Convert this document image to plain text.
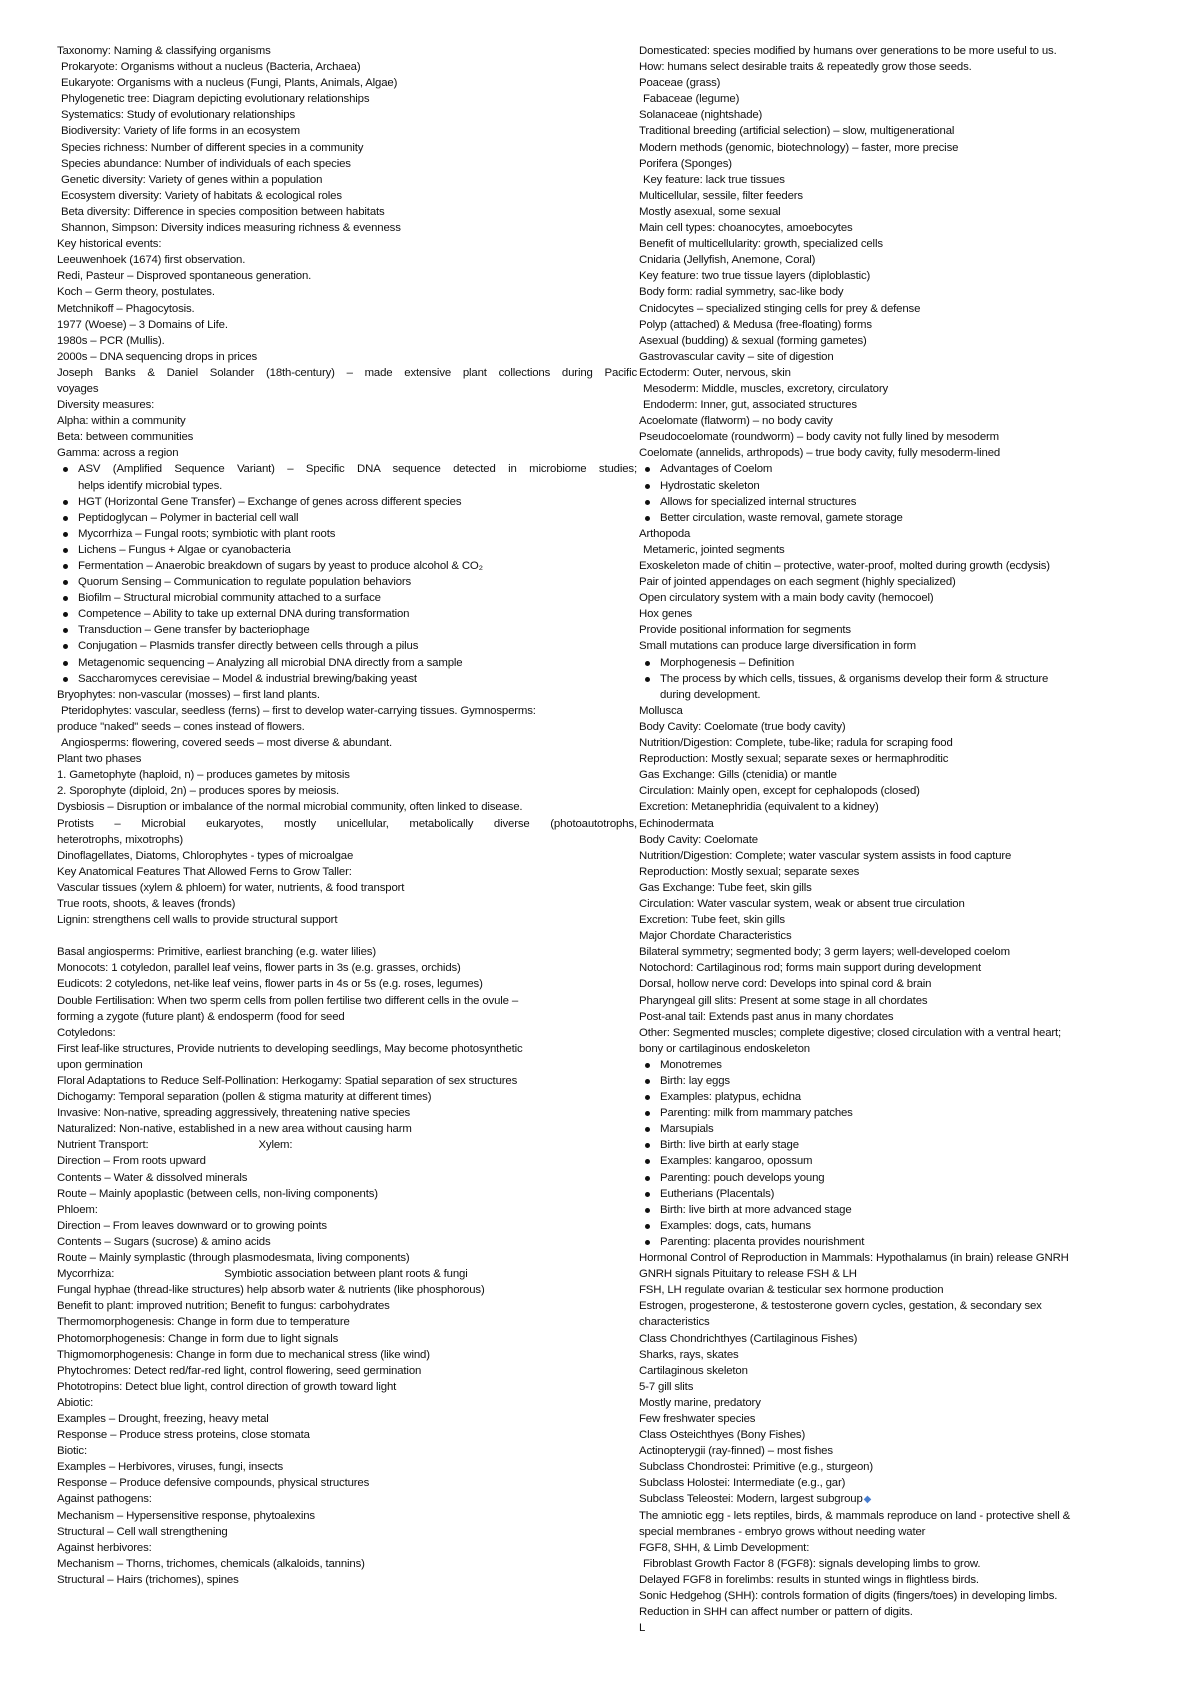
Taxonomy: Naming & classifying organisms
Prokaryote: Organisms without a nucleus (Bacteria, Archaea)
Eukaryote: Organisms with a nucleus (Fungi, Plants, Animals, Algae)
Phylogenetic tree: Diagram depicting evolutionary relationships
Systematics: Study of evolutionary relationships
Biodiversity: Variety of life forms in an ecosystem
Species richness: Number of different species in a community
Species abundance: Number of individuals of each species
Genetic diversity: Variety of genes within a population
Ecosystem diversity: Variety of habitats & ecological roles
Beta diversity: Difference in species composition between habitats
Shannon, Simpson: Diversity indices measuring richness & evenness
Key historical events:
Leeuwenhoek (1674) first observation.
Redi, Pasteur – Disproved spontaneous generation.
Koch – Germ theory, postulates.
Metchnikoff – Phagocytosis.
1977 (Woese) – 3 Domains of Life.
1980s – PCR (Mullis).
2000s – DNA sequencing drops in prices
Joseph Banks & Daniel Solander (18th-century) – made extensive plant collections during Pacific
voyages
Diversity measures:
Alpha: within a community
Beta: between communities
Gamma: across a region
ASV (Amplified Sequence Variant) – Specific DNA sequence detected in microbiome studies;
helps identify microbial types.
HGT (Horizontal Gene Transfer) – Exchange of genes across different species
Peptidoglycan – Polymer in bacterial cell wall
Mycorrhiza – Fungal roots; symbiotic with plant roots
Lichens – Fungus + Algae or cyanobacteria
Fermentation – Anaerobic breakdown of sugars by yeast to produce alcohol & CO₂
Quorum Sensing – Communication to regulate population behaviors
Biofilm – Structural microbial community attached to a surface
Competence – Ability to take up external DNA during transformation
Transduction – Gene transfer by bacteriophage
Conjugation – Plasmids transfer directly between cells through a pilus
Metagenomic sequencing – Analyzing all microbial DNA directly from a sample
Saccharomyces cerevisiae – Model & industrial brewing/baking yeast
Bryophytes: non-vascular (mosses) – first land plants.
Pteridophytes: vascular, seedless (ferns) – first to develop water-carrying tissues. Gymnosperms:
produce "naked" seeds – cones instead of flowers.
Angiosperms: flowering, covered seeds – most diverse & abundant.
Plant two phases
1. Gametophyte (haploid, n) – produces gametes by mitosis
2. Sporophyte (diploid, 2n) – produces spores by meiosis.
Dysbiosis – Disruption or imbalance of the normal microbial community, often linked to disease.
Protists – Microbial eukaryotes, mostly unicellular, metabolically diverse (photoautotrophs,
heterotrophs, mixotrophs)
Dinoflagellates, Diatoms, Chlorophytes - types of microalgae
Key Anatomical Features That Allowed Ferns to Grow Taller:
Vascular tissues (xylem & phloem) for water, nutrients, & food transport
True roots, shoots, & leaves (fronds)
Lignin: strengthens cell walls to provide structural support
Basal angiosperms: Primitive, earliest branching (e.g. water lilies)
Monocots: 1 cotyledon, parallel leaf veins, flower parts in 3s (e.g. grasses, orchids)
Eudicots: 2 cotyledons, net-like leaf veins, flower parts in 4s or 5s (e.g. roses, legumes)
Double Fertilisation: When two sperm cells from pollen fertilise two different cells in the ovule –
forming a zygote (future plant) & endosperm (food for seed
Cotyledons:
First leaf-like structures, Provide nutrients to developing seedlings, May become photosynthetic
upon germination
Floral Adaptations to Reduce Self-Pollination: Herkogamy: Spatial separation of sex structures
Dichogamy: Temporal separation (pollen & stigma maturity at different times)
Invasive: Non-native, spreading aggressively, threatening native species
Naturalized: Non-native, established in a new area without causing harm
Nutrient Transport:	Xylem:
Direction – From roots upward
Contents – Water & dissolved minerals
Route – Mainly apoplastic (between cells, non-living components)
Phloem:
Direction – From leaves downward or to growing points
Contents – Sugars (sucrose) & amino acids
Route – Mainly symplastic (through plasmodesmata, living components)
Mycorrhiza:	Symbiotic association between plant roots & fungi
Fungal hyphae (thread-like structures) help absorb water & nutrients (like phosphorous)
Benefit to plant: improved nutrition; Benefit to fungus: carbohydrates
Thermomorphogenesis: Change in form due to temperature
Photomorphogenesis: Change in form due to light signals
Thigmomorphogenesis: Change in form due to mechanical stress (like wind)
Phytochromes: Detect red/far-red light, control flowering, seed germination
Phototropins: Detect blue light, control direction of growth toward light
Abiotic:
Examples – Drought, freezing, heavy metal
Response – Produce stress proteins, close stomata
Biotic:
Examples – Herbivores, viruses, fungi, insects
Response – Produce defensive compounds, physical structures
Against pathogens:
Mechanism – Hypersensitive response, phytoalexins
Structural – Cell wall strengthening
Against herbivores:
Mechanism – Thorns, trichomes, chemicals (alkaloids, tannins)
Structural – Hairs (trichomes), spines
Domesticated: species modified by humans over generations to be more useful to us.
How: humans select desirable traits & repeatedly grow those seeds.
Poaceae (grass)
Fabaceae (legume)
Solanaceae (nightshade)
Traditional breeding (artificial selection) – slow, multigenerational
Modern methods (genomic, biotechnology) – faster, more precise
Porifera (Sponges)
Key feature: lack true tissues
Multicellular, sessile, filter feeders
Mostly asexual, some sexual
Main cell types: choanocytes, amoebocytes
Benefit of multicellularity: growth, specialized cells
Cnidaria (Jellyfish, Anemone, Coral)
Key feature: two true tissue layers (diploblastic)
Body form: radial symmetry, sac-like body
Cnidocytes – specialized stinging cells for prey & defense
Polyp (attached) & Medusa (free-floating) forms
Asexual (budding) & sexual (forming gametes)
Gastrovascular cavity – site of digestion
Ectoderm: Outer, nervous, skin
Mesoderm: Middle, muscles, excretory, circulatory
Endoderm: Inner, gut, associated structures
Acoelomate (flatworm) – no body cavity
Pseudocoelomate (roundworm) – body cavity not fully lined by mesoderm
Coelomate (annelids, arthropods) – true body cavity, fully mesoderm-lined
Advantages of Coelom
Hydrostatic skeleton
Allows for specialized internal structures
Better circulation, waste removal, gamete storage
Arthopoda
Metameric, jointed segments
Exoskeleton made of chitin – protective, water-proof, molted during growth (ecdysis)
Pair of jointed appendages on each segment (highly specialized)
Open circulatory system with a main body cavity (hemocoel)
Hox genes
Provide positional information for segments
Small mutations can produce large diversification in form
Morphogenesis – Definition
The process by which cells, tissues, & organisms develop their form & structure
during development.
Mollusca
Body Cavity: Coelomate (true body cavity)
Nutrition/Digestion: Complete, tube-like; radula for scraping food
Reproduction: Mostly sexual; separate sexes or hermaphroditic
Gas Exchange: Gills (ctenidia) or mantle
Circulation: Mainly open, except for cephalopods (closed)
Excretion: Metanephridia (equivalent to a kidney)
Echinodermata
Body Cavity: Coelomate
Nutrition/Digestion: Complete; water vascular system assists in food capture
Reproduction: Mostly sexual; separate sexes
Gas Exchange: Tube feet, skin gills
Circulation: Water vascular system, weak or absent true circulation
Excretion: Tube feet, skin gills
Major Chordate Characteristics
Bilateral symmetry; segmented body; 3 germ layers; well-developed coelom
Notochord: Cartilaginous rod; forms main support during development
Dorsal, hollow nerve cord: Develops into spinal cord & brain
Pharyngeal gill slits: Present at some stage in all chordates
Post-anal tail: Extends past anus in many chordates
Other: Segmented muscles; complete digestive; closed circulation with a ventral heart;
bony or cartilaginous endoskeleton
Monotremes
Birth: lay eggs
Examples: platypus, echidna
Parenting: milk from mammary patches
Marsupials
Birth: live birth at early stage
Examples: kangaroo, opossum
Parenting: pouch develops young
Eutherians (Placentals)
Birth: live birth at more advanced stage
Examples: dogs, cats, humans
Parenting: placenta provides nourishment
Hormonal Control of Reproduction in Mammals: Hypothalamus (in brain) release GNRH
GNRH signals Pituitary to release FSH & LH
FSH, LH regulate ovarian & testicular sex hormone production
Estrogen, progesterone, & testosterone govern cycles, gestation, & secondary sex
characteristics
Class Chondrichthyes (Cartilaginous Fishes)
Sharks, rays, skates
Cartilaginous skeleton
5-7 gill slits
Mostly marine, predatory
Few freshwater species
Class Osteichthyes (Bony Fishes)
Actinopterygii (ray-finned) – most fishes
Subclass Chondrostei: Primitive (e.g., sturgeon)
Subclass Holostei: Intermediate (e.g., gar)
Subclass Teleostei: Modern, largest subgroup◆
The amniotic egg - lets reptiles, birds, & mammals reproduce on land - protective shell &
special membranes - embryo grows without needing water
FGF8, SHH, & Limb Development:
Fibroblast Growth Factor 8 (FGF8): signals developing limbs to grow.
Delayed FGF8 in forelimbs: results in stunted wings in flightless birds.
Sonic Hedgehog (SHH): controls formation of digits (fingers/toes) in developing limbs.
Reduction in SHH can affect number or pattern of digits.
L
